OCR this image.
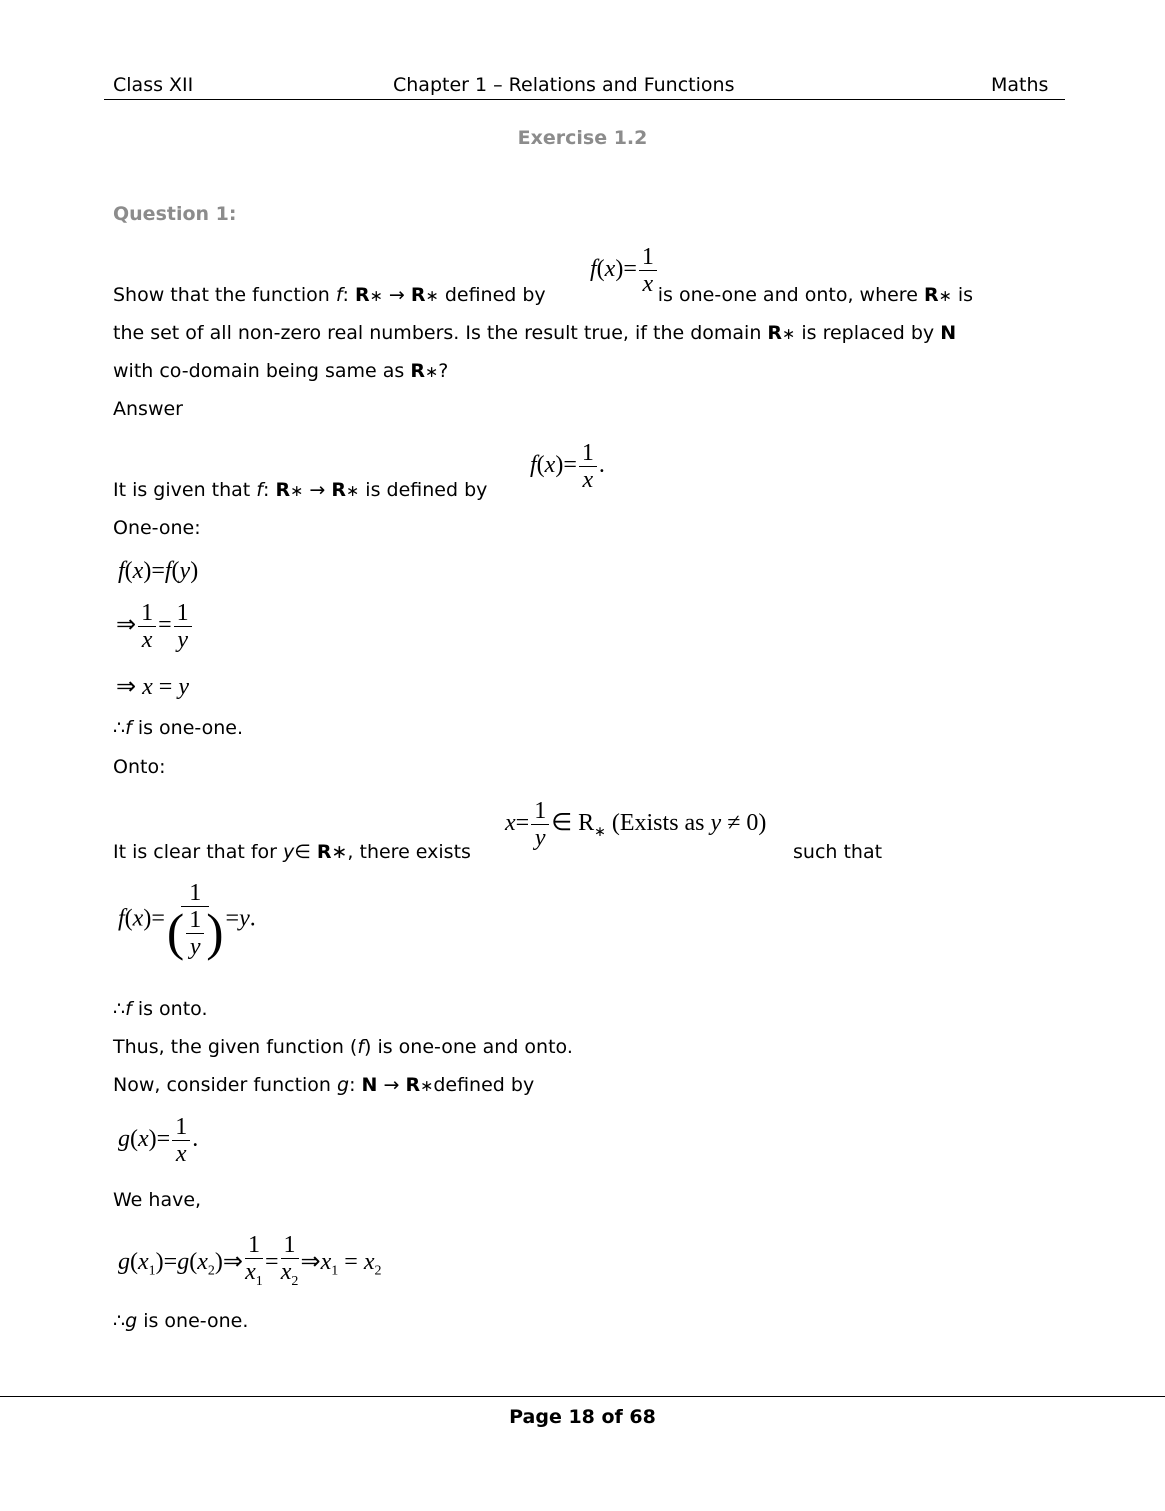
Class XII	Chapter 1 – Relations and Functions	Maths
Exercise 1.2
Question 1:
Show that the function f: R∗ → R∗ defined by	is one-one and onto, where R∗ is
$f(x)= \frac{1}{x}$
the set of all non-zero real numbers. Is the result true, if the domain R∗ is replaced by N
with co-domain being same as R∗?
Answer
It is given that f: R∗ → R∗ is defined by
$f(x)= \frac{1}{x}$ .
One-one:
f(x)=f(y)
⇒ $\frac{1}{x} = \frac{1}{y}$
⇒ x = y
∴f is one-one.
Onto:
It is clear that for y∈ R∗, there exists	such that
$x= \frac{1}{y}$ ∈ $R_∗$ (Exists as y ≠ 0)
$f(x)= \frac{1}{( \frac{1}{y} )} =y$.
∴f is onto.
Thus, the given function (f) is one-one and onto.
Now, consider function g: N → R∗defined by
$g(x)= \frac{1}{x}$ .
We have,
$g(x_1)=g(x_2)\Rightarrow \frac{1}{x_1} = \frac{1}{x_2}$ $\Rightarrow x_1 = x_2$
∴g is one-one.
Page 18 of 68
